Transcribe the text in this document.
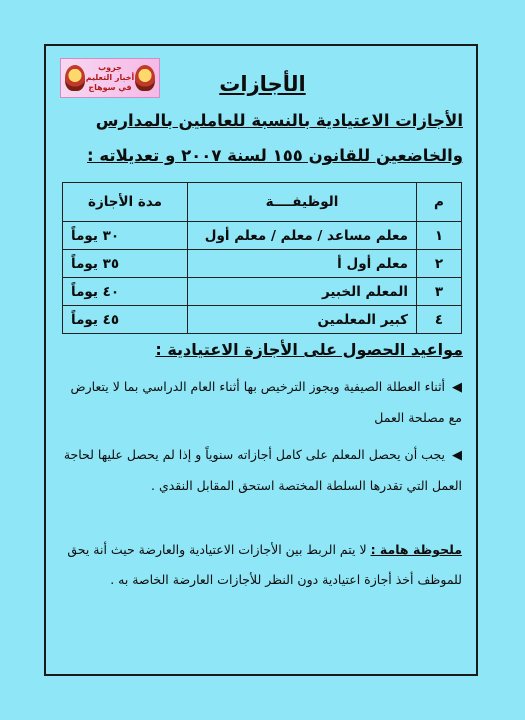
جروب
أخبار التعليم في سوهاج	الأجازات
الأجازات الاعتيادية بالنسبة للعاملين بالمدارس
والخاضعين للقانون ١٥٥ لسنة ٢٠٠٧ و تعديلاته :
م	الوظيفــــة	مدة الأجازة
١	معلم مساعد / معلم / معلم أول	٣٠ يوماً
٢	معلم أول أ	٣٥ يوماً
٣	المعلم الخبير	٤٠ يوماً
٤	كبير المعلمين	٤٥ يوماً
مواعيد الحصول على الأجازة الاعتيادية :
◀ أثناء العطلة الصيفية ويجوز الترخيص بها أثناء العام الدراسي بما لا يتعارض مع مصلحة العمل
◀ يجب أن يحصل المعلم على كامل أجازاته سنوياً و إذا لم يحصل عليها لحاجة العمل التي تقدرها السلطة المختصة استحق المقابل النقدي .
ملحوظة هامة : لا يتم الربط بين الأجازات الاعتيادية والعارضة حيث أنة يحق للموظف أخذ أجازة اعتيادية دون النظر للأجازات العارضة الخاصة به .
